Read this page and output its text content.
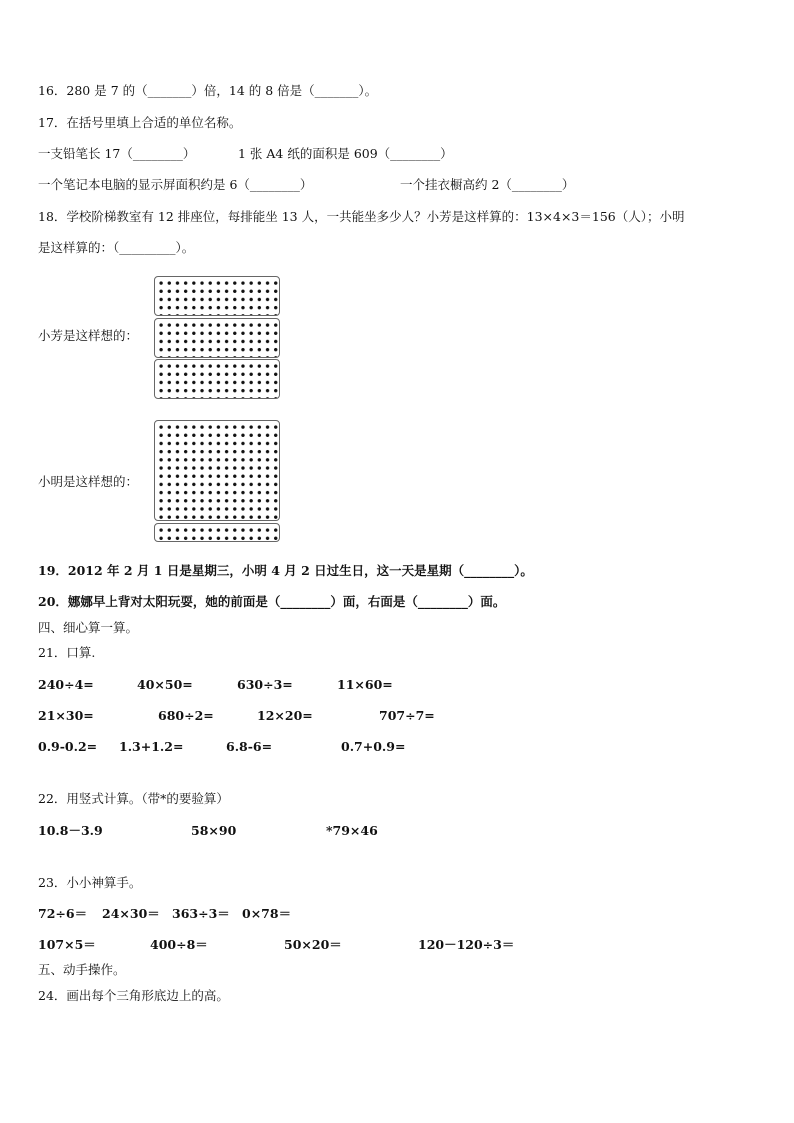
16．280 是 7 的（_______）倍，14 的 8 倍是（_______）。
17．在括号里填上合适的单位名称。
一支铅笔长 17（________）	1 张 A4 纸的面积是 609（________）
一个笔记本电脑的显示屏面积约是 6（________）	一个挂衣橱高约 2（________）
18．学校阶梯教室有 12 排座位，每排能坐 13 人，一共能坐多少人？小芳是这样算的：13×4×3＝156（人）；小明
是这样算的：（_________）。
小芳是这样想的：
小明是这样想的：
19．2012 年 2 月 1 日是星期三，小明 4 月 2 日过生日，这一天是星期（________）。
20．娜娜早上背对太阳玩耍，她的前面是（________）面，右面是（________）面。
四、细心算一算。
21．口算.
240÷4=	40×50=	630÷3=	11×60=
21×30=	680÷2=	12×20=	707÷7=
0.9-0.2= 1.3+1.2=	6.8-6=	0.7+0.9=
22．用竖式计算。（带*的要验算）
10.8－3.9	58×90	*79×46
23．小小神算手。
72÷6＝ 24×30＝ 363÷3＝ 0×78＝
107×5＝	400÷8＝	50×20＝	120－120÷3＝
五、动手操作。
24．画出每个三角形底边上的高。
